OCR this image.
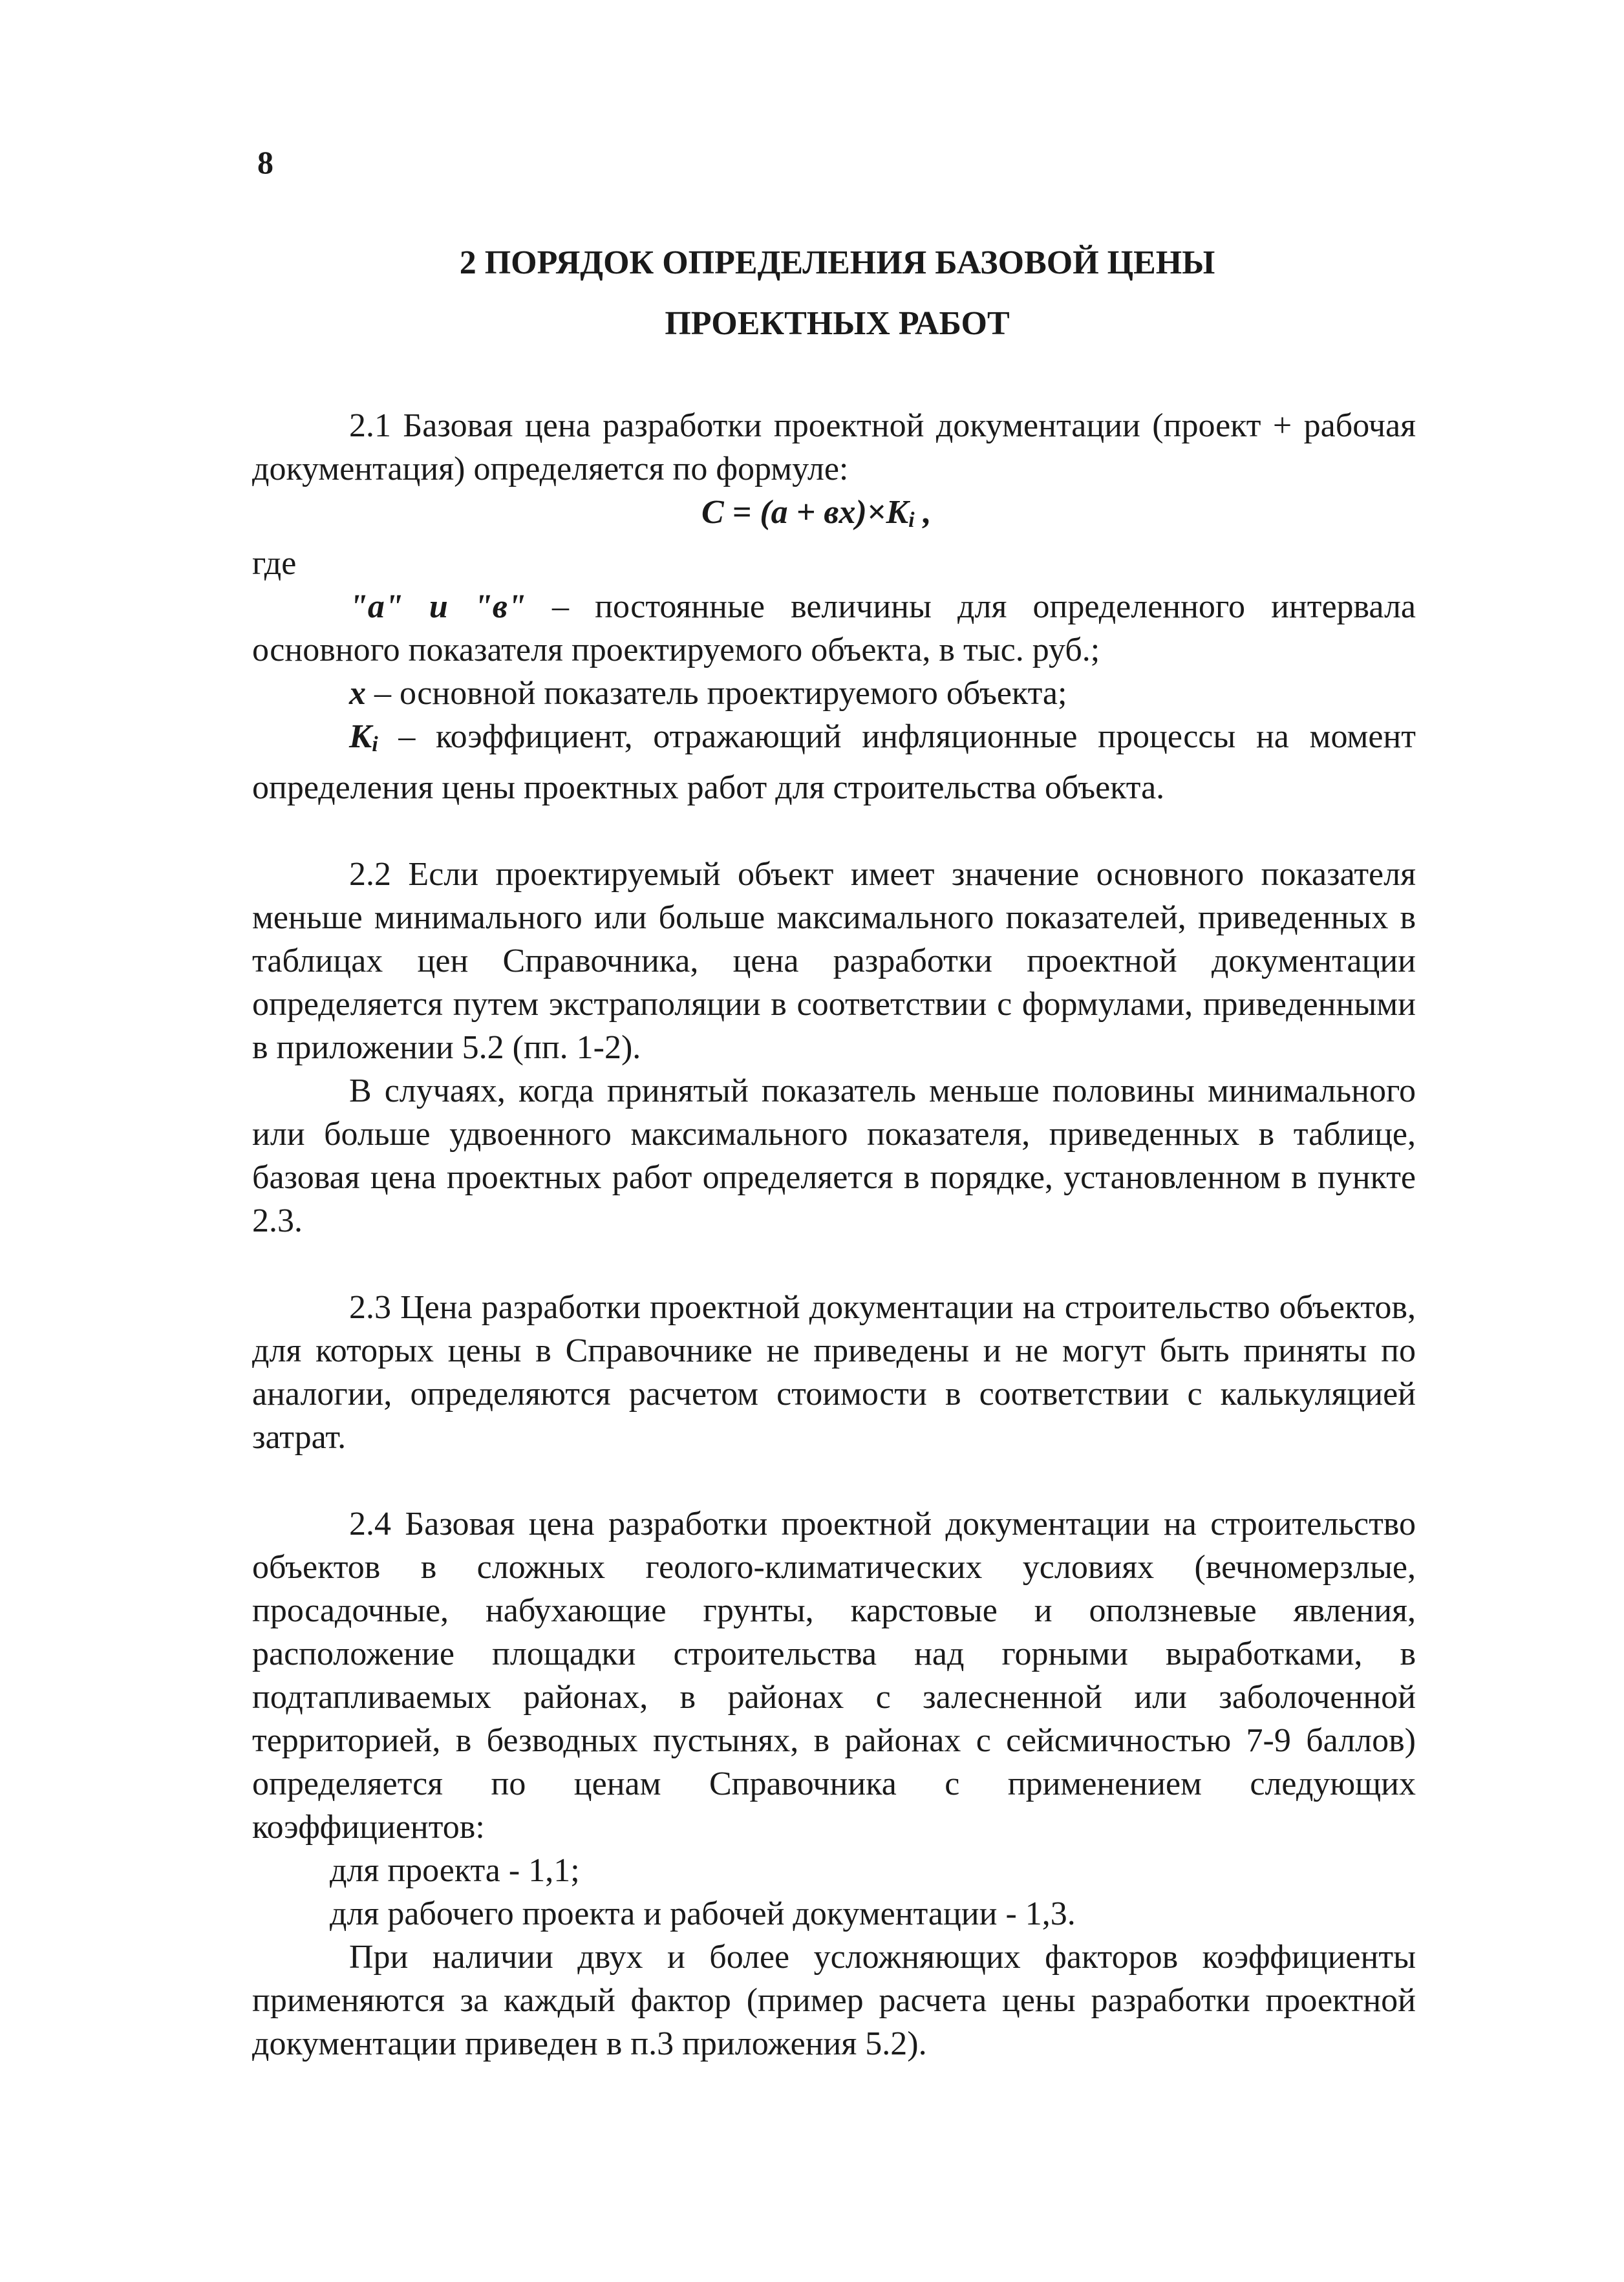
8
2 ПОРЯДОК ОПРЕДЕЛЕНИЯ БАЗОВОЙ ЦЕНЫ
ПРОЕКТНЫХ РАБОТ

2.1 Базовая цена разработки проектной документации (проект + рабочая документация) определяется по формуле:

$С = (а + вх)\times K_i$ ,

где

"а" и "в" – постоянные величины для определенного интервала основного показателя проектируемого объекта, в тыс. руб.;

х – основной показатель проектируемого объекта;

$К_i$ – коэффициент, отражающий инфляционные процессы на момент определения цены проектных работ для строительства объекта.

2.2 Если проектируемый объект имеет значение основного показателя меньше минимального или больше максимального показателей, приведенных в таблицах цен Справочника, цена разработки проектной документации определяется путем экстраполяции в соответствии с формулами, приведенными в приложении 5.2 (пп. 1-2).

В случаях, когда принятый показатель меньше половины минимального или больше удвоенного максимального показателя, приведенных в таблице, базовая цена проектных работ определяется в порядке, установленном в пункте 2.3.

2.3 Цена разработки проектной документации на строительство объектов, для которых цены в Справочнике не приведены и не могут быть приняты по аналогии, определяются расчетом стоимости в соответствии с калькуляцией затрат.

2.4 Базовая цена разработки проектной документации на строительство объектов в сложных геолого-климатических условиях (вечномерзлые, просадочные, набухающие грунты, карстовые и оползневые явления, расположение площадки строительства над горными выработками, в подтапливаемых районах, в районах с залесненной или заболоченной территорией, в безводных пустынях, в районах с сейсмичностью 7-9 баллов) определяется по ценам Справочника с применением следующих коэффициентов:

для проекта - 1,1;

для рабочего проекта и рабочей документации - 1,3.

При наличии двух и более усложняющих факторов коэффициенты применяются за каждый фактор (пример расчета цены разработки проектной документации приведен в п.3 приложения 5.2).
